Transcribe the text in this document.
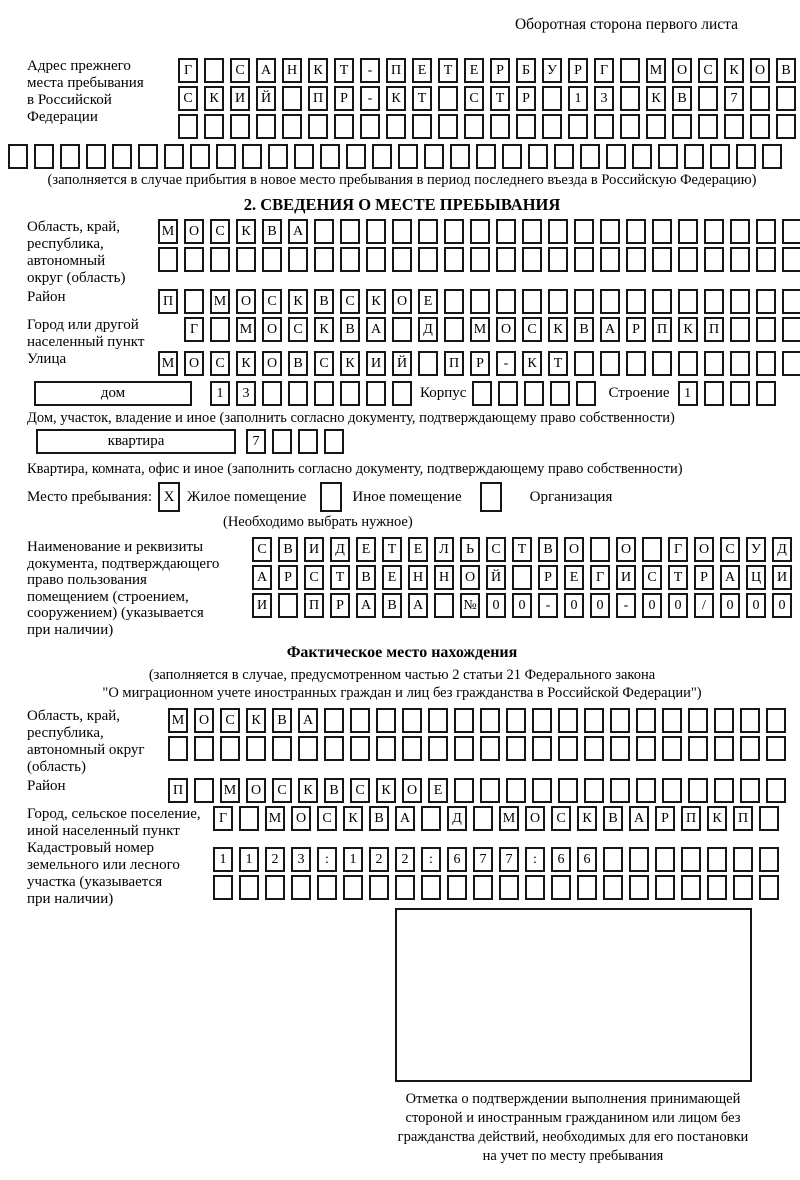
Оборотная сторона первого листа
Адрес прежнего
места пребывания
в Российской
Федерации
Г	С	А	Н	К	Т	-	П	Е	Т	Е	Р	Б	У	Р	Г	М	О	С	К	О	В
С	К	И	Й	П	Р	-	К	Т	С	Т	Р	1	3	К	В	7
(заполняется в случае прибытия в новое место пребывания в период последнего въезда в Российскую Федерацию)
2. СВЕДЕНИЯ О МЕСТЕ ПРЕБЫВАНИЯ
Область, край,
республика,
автономный
округ (область)
М	О	С	К	В	А
Район	П	М	О	С	К	В	С	К	О	Е
Город или другой
населенный пункт
Г	М	О	С	К	В	А	Д	М	О	С	К	В	А	Р	П	К	П
Улица	М	О	С	К	О	В	С	К	И	Й	П	Р	-	К	Т
дом	1	3	Корпус	Строение	1
Дом, участок, владение и иное (заполнить согласно документу, подтверждающему право собственности)
квартира	7
Квартира, комната, офис и иное (заполнить согласно документу, подтверждающему право собственности)
Место пребывания: X Жилое помещение	Иное помещение	Организация
(Необходимо выбрать нужное)
Наименование и реквизиты
документа, подтверждающего
право пользования
помещением (строением,
сооружением) (указывается
при наличии)
С	В	И	Д	Е	Т	Е	Л	Ь	С	Т	В	О	О	Г	О	С	У	Д
А	Р	С	Т	В	Е	Н	Н	О	Й	Р	Е	Г	И	С	Т	Р	А	Ц	И
И	П	Р	А	В	А	№	0	0	-	0	0	-	0	0	/	0	0	0
Фактическое место нахождения
(заполняется в случае, предусмотренном частью 2 статьи 21 Федерального закона
"О миграционном учете иностранных граждан и лиц без гражданства в Российской Федерации")
Область, край,
республика,
автономный округ
(область)
М	О	С	К	В	А
Район	П	М	О	С	К	В	С	К	О	Е
Город, сельское поселение,
иной населенный пункт
Г	М	О	С	К	В	А	Д	М	О	С	К	В	А	Р	П	К	П
Кадастровый номер
земельного или лесного
участка (указывается
при наличии)
1	1	2	3	:	1	2	2	:	6	7	7	:	6	6
Отметка о подтверждении выполнения принимающей
стороной и иностранным гражданином или лицом без
гражданства действий, необходимых для его постановки
на учет по месту пребывания
